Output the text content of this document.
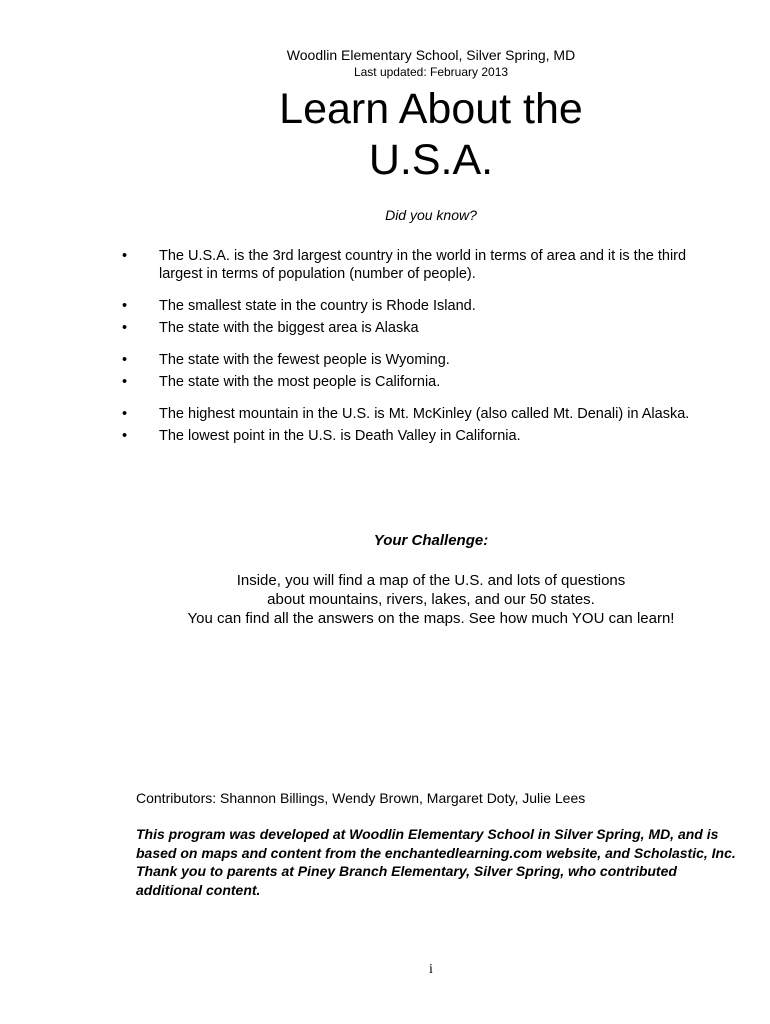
Woodlin Elementary School, Silver Spring, MD
Last updated: February 2013
Learn About the
U.S.A.
Did you know?
•	The U.S.A. is the 3rd largest country in the world in terms of area and it is the third largest in terms of population (number of people).
•	The smallest state in the country is Rhode Island.
•	The state with the biggest area is Alaska
•	The state with the fewest people is Wyoming.
•	The state with the most people is California.
•	The highest mountain in the U.S. is Mt. McKinley (also called Mt. Denali) in Alaska.
•	The lowest point in the U.S. is Death Valley in California.
Your Challenge:
Inside, you will find a map of the U.S. and lots of questions
about mountains, rivers, lakes, and our 50 states.
You can find all the answers on the maps. See how much YOU can learn!
Contributors: Shannon Billings, Wendy Brown, Margaret Doty, Julie Lees
This program was developed at Woodlin Elementary School in Silver Spring, MD, and is based on maps and content from the enchantedlearning.com website, and Scholastic, Inc. Thank you to parents at Piney Branch Elementary, Silver Spring, who contributed additional content.
i
